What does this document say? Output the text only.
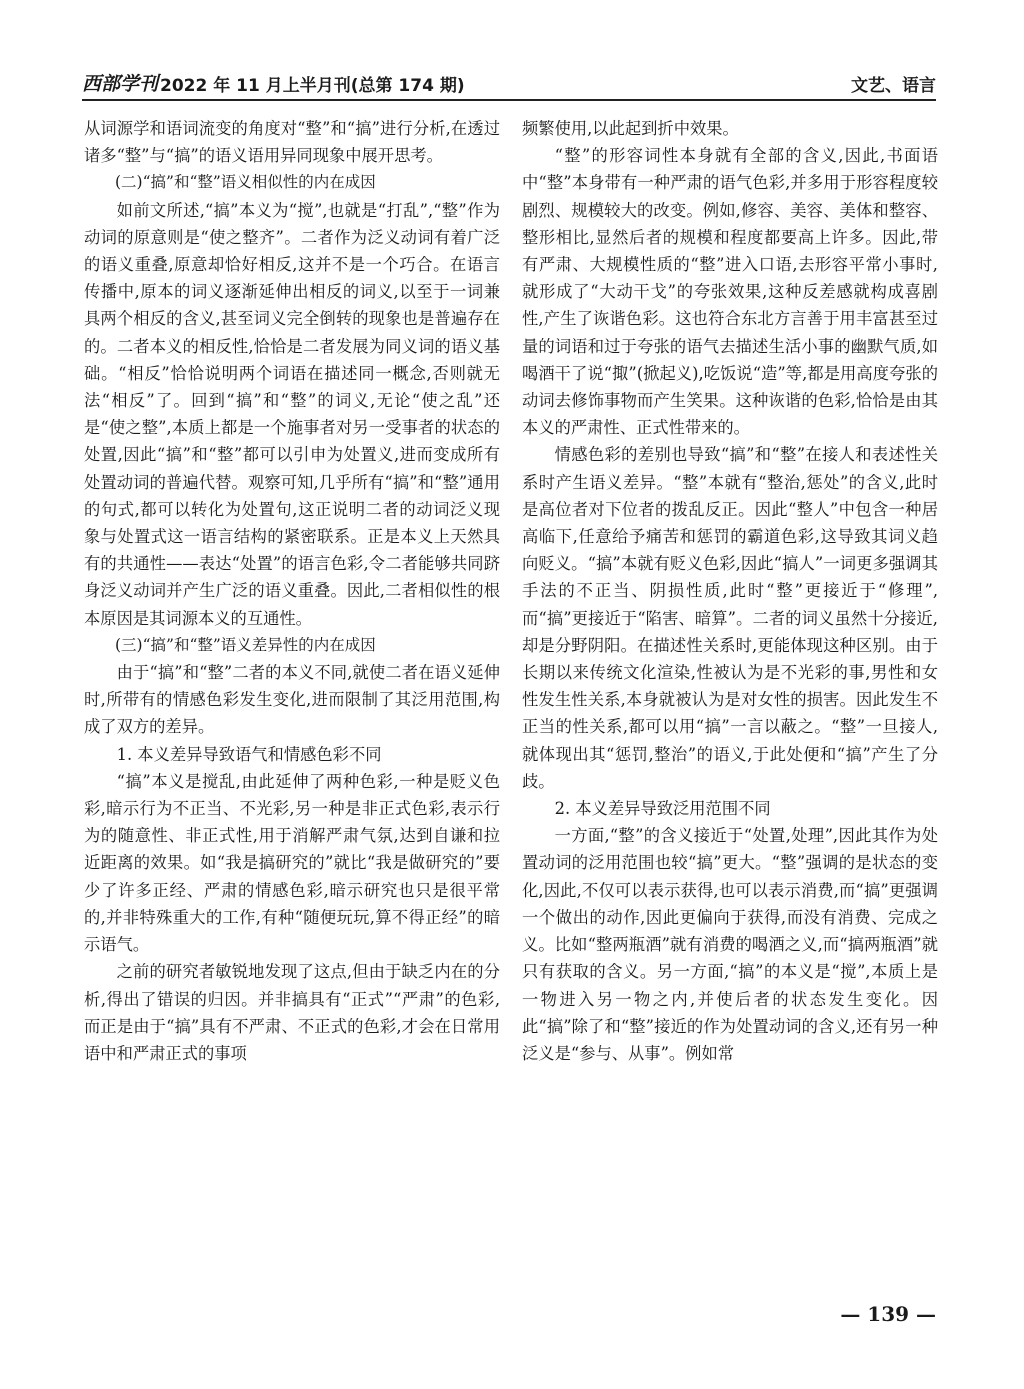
西部学刊 2022 年 11 月上半月刊(总第 174 期)	文艺、语言

从词源学和语词流变的角度对“整”和“搞”进行分析,在透过诸多“整”与“搞”的语义语用异同现象中展开思考。

(二)“搞”和“整”语义相似性的内在成因

如前文所述,“搞”本义为“搅”,也就是“打乱”,“整”作为动词的原意则是“使之整齐”。二者作为泛义动词有着广泛的语义重叠,原意却恰好相反,这并不是一个巧合。在语言传播中,原本的词义逐渐延伸出相反的词义,以至于一词兼具两个相反的含义,甚至词义完全倒转的现象也是普遍存在的。二者本义的相反性,恰恰是二者发展为同义词的语义基础。“相反”恰恰说明两个词语在描述同一概念,否则就无法“相反”了。回到“搞”和“整”的词义,无论“使之乱”还是“使之整”,本质上都是一个施事者对另一受事者的状态的处置,因此“搞”和“整”都可以引申为处置义,进而变成所有处置动词的普遍代替。观察可知,几乎所有“搞”和“整”通用的句式,都可以转化为处置句,这正说明二者的动词泛义现象与处置式这一语言结构的紧密联系。正是本义上天然具有的共通性——表达“处置”的语言色彩,令二者能够共同跻身泛义动词并产生广泛的语义重叠。因此,二者相似性的根本原因是其词源本义的互通性。

(三)“搞”和“整”语义差异性的内在成因

由于“搞”和“整”二者的本义不同,就使二者在语义延伸时,所带有的情感色彩发生变化,进而限制了其泛用范围,构成了双方的差异。

1. 本义差异导致语气和情感色彩不同

“搞”本义是搅乱,由此延伸了两种色彩,一种是贬义色彩,暗示行为不正当、不光彩,另一种是非正式色彩,表示行为的随意性、非正式性,用于消解严肃气氛,达到自谦和拉近距离的效果。如“我是搞研究的”就比“我是做研究的”要少了许多正经、严肃的情感色彩,暗示研究也只是很平常的,并非特殊重大的工作,有种“随便玩玩,算不得正经”的暗示语气。

之前的研究者敏锐地发现了这点,但由于缺乏内在的分析,得出了错误的归因。并非搞具有“正式”“严肃”的色彩,而正是由于“搞”具有不严肃、不正式的色彩,才会在日常用语中和严肃正式的事项

频繁使用,以此起到折中效果。

“整”的形容词性本身就有全部的含义,因此,书面语中“整”本身带有一种严肃的语气色彩,并多用于形容程度较剧烈、规模较大的改变。例如,修容、美容、美体和整容、整形相比,显然后者的规模和程度都要高上许多。因此,带有严肃、大规模性质的“整”进入口语,去形容平常小事时,就形成了“大动干戈”的夸张效果,这种反差感就构成喜剧性,产生了诙谐色彩。这也符合东北方言善于用丰富甚至过量的词语和过于夸张的语气去描述生活小事的幽默气质,如喝酒干了说“掫”(掀起义),吃饭说“造”等,都是用高度夸张的动词去修饰事物而产生笑果。这种诙谐的色彩,恰恰是由其本义的严肃性、正式性带来的。

情感色彩的差别也导致“搞”和“整”在接人和表述性关系时产生语义差异。“整”本就有“整治,惩处”的含义,此时是高位者对下位者的拨乱反正。因此“整人”中包含一种居高临下,任意给予痛苦和惩罚的霸道色彩,这导致其词义趋向贬义。“搞”本就有贬义色彩,因此“搞人”一词更多强调其手法的不正当、阴损性质,此时“整”更接近于“修理”,而“搞”更接近于“陷害、暗算”。二者的词义虽然十分接近,却是分野阴阳。在描述性关系时,更能体现这种区别。由于长期以来传统文化渲染,性被认为是不光彩的事,男性和女性发生性关系,本身就被认为是对女性的损害。因此发生不正当的性关系,都可以用“搞”一言以蔽之。“整”一旦接人,就体现出其“惩罚,整治”的语义,于此处便和“搞”产生了分歧。

2. 本义差异导致泛用范围不同

一方面,“整”的含义接近于“处置,处理”,因此其作为处置动词的泛用范围也较“搞”更大。“整”强调的是状态的变化,因此,不仅可以表示获得,也可以表示消费,而“搞”更强调一个做出的动作,因此更偏向于获得,而没有消费、完成之义。比如“整两瓶酒”就有消费的喝酒之义,而“搞两瓶酒”就只有获取的含义。另一方面,“搞”的本义是“搅”,本质上是一物进入另一物之内,并使后者的状态发生变化。因此“搞”除了和“整”接近的作为处置动词的含义,还有另一种泛义是“参与、从事”。例如常

— 139 —
